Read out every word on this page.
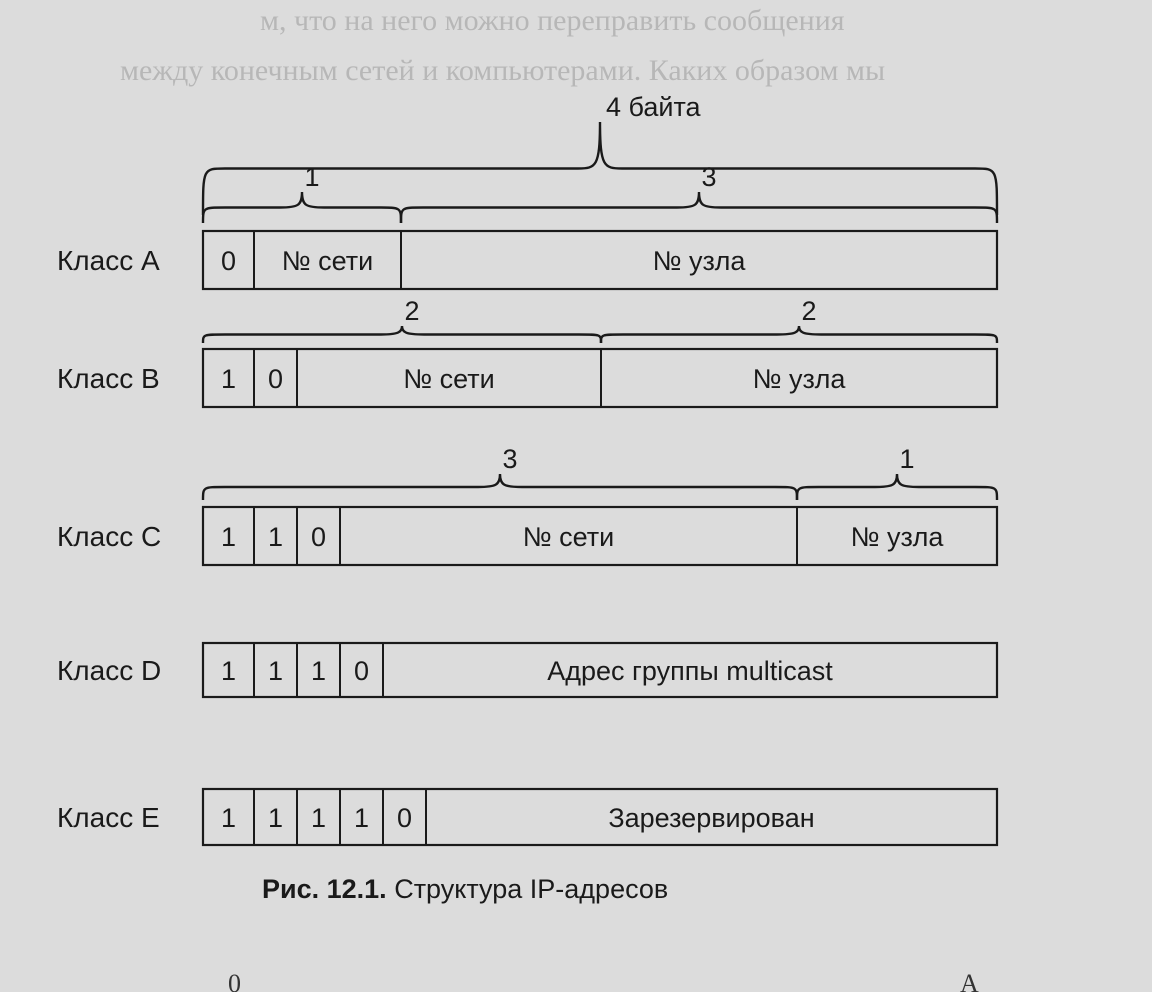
м, что на него можно переправить сообщения
между конечным сетей и компьютерами. Каких образом мы
0	A
4 байта
Класс A 0 № сети	№ узла
1	3
Класс B 1 0	№ сети	№ узла
2	2
Класс C 1 1 0	№ сети	№ узла
3	1
Класс D 1 1 1 0	Адрес группы multicast
Класс E 1 1 1 1 0	Зарезервирован
Рис. 12.1. Структура IP-адресов
